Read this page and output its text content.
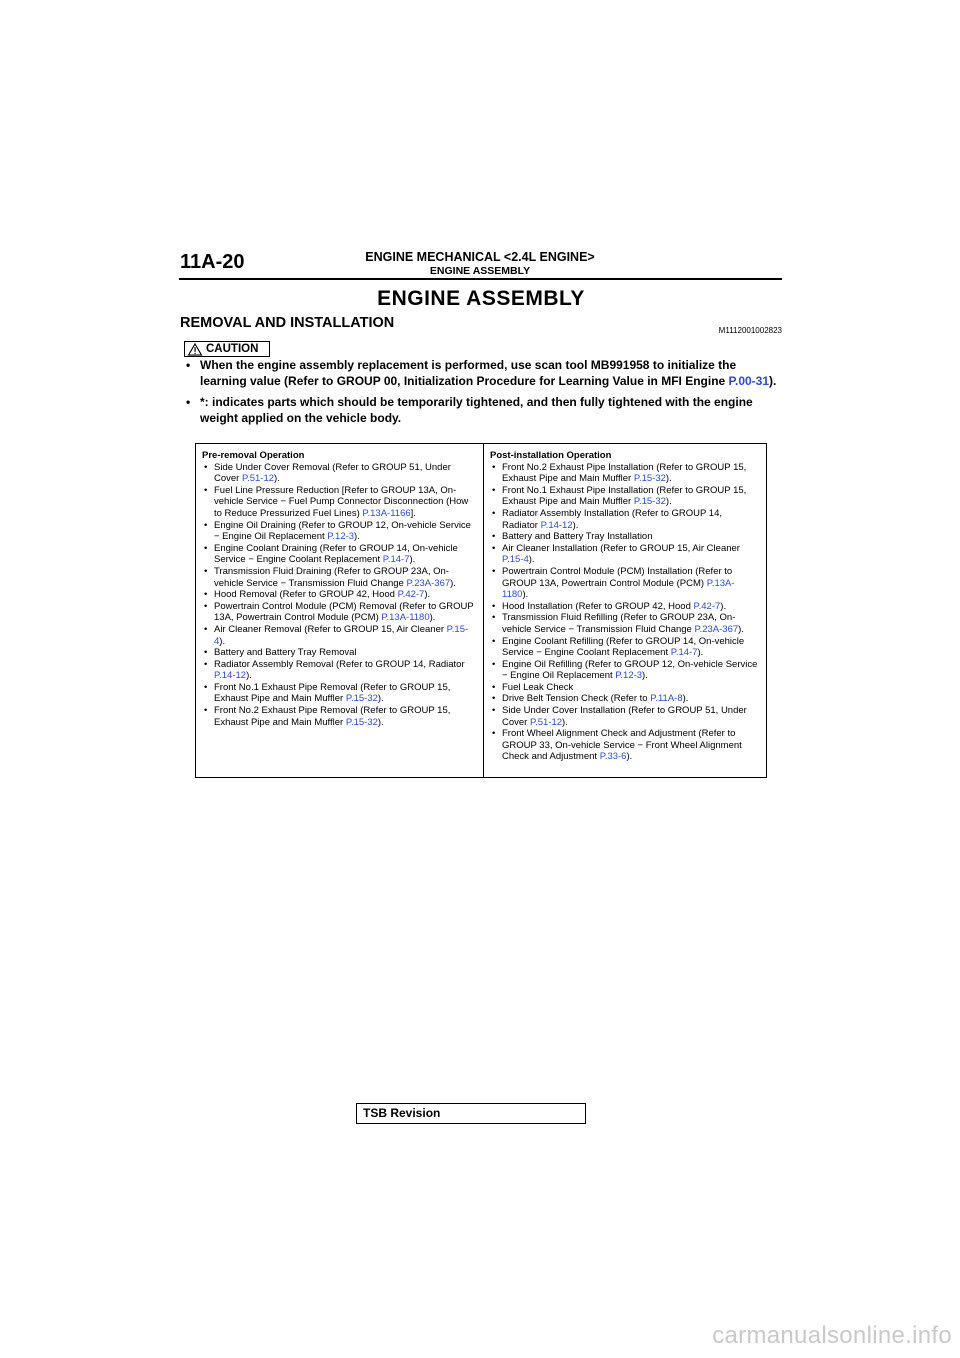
11A-20	ENGINE MECHANICAL <2.4L ENGINE>
ENGINE ASSEMBLY
ENGINE ASSEMBLY
REMOVAL AND INSTALLATION	M1112001002823
CAUTION
• When the engine assembly replacement is performed, use scan tool MB991958 to initialize the learning value (Refer to GROUP 00, Initialization Procedure for Learning Value in MFI Engine P.00-31).
• *: indicates parts which should be temporarily tightened, and then fully tightened with the engine weight applied on the vehicle body.
Pre-removal Operation
• Side Under Cover Removal (Refer to GROUP 51, Under Cover P.51-12).
• Fuel Line Pressure Reduction [Refer to GROUP 13A, On-vehicle Service − Fuel Pump Connector Disconnection (How to Reduce Pressurized Fuel Lines) P.13A-1166].
• Engine Oil Draining (Refer to GROUP 12, On-vehicle Service − Engine Oil Replacement P.12-3).
• Engine Coolant Draining (Refer to GROUP 14, On-vehicle Service − Engine Coolant Replacement P.14-7).
• Transmission Fluid Draining (Refer to GROUP 23A, On-vehicle Service − Transmission Fluid Change P.23A-367).
• Hood Removal (Refer to GROUP 42, Hood P.42-7).
• Powertrain Control Module (PCM) Removal (Refer to GROUP 13A, Powertrain Control Module (PCM) P.13A-1180).
• Air Cleaner Removal (Refer to GROUP 15, Air Cleaner P.15-4).
• Battery and Battery Tray Removal
• Radiator Assembly Removal (Refer to GROUP 14, Radiator P.14-12).
• Front No.1 Exhaust Pipe Removal (Refer to GROUP 15, Exhaust Pipe and Main Muffler P.15-32).
• Front No.2 Exhaust Pipe Removal (Refer to GROUP 15, Exhaust Pipe and Main Muffler P.15-32).
Post-installation Operation
• Front No.2 Exhaust Pipe Installation (Refer to GROUP 15, Exhaust Pipe and Main Muffler P.15-32).
• Front No.1 Exhaust Pipe Installation (Refer to GROUP 15, Exhaust Pipe and Main Muffler P.15-32).
• Radiator Assembly Installation (Refer to GROUP 14, Radiator P.14-12).
• Battery and Battery Tray Installation
• Air Cleaner Installation (Refer to GROUP 15, Air Cleaner P.15-4).
• Powertrain Control Module (PCM) Installation (Refer to GROUP 13A, Powertrain Control Module (PCM) P.13A-1180).
• Hood Installation (Refer to GROUP 42, Hood P.42-7).
• Transmission Fluid Refilling (Refer to GROUP 23A, On-vehicle Service − Transmission Fluid Change P.23A-367).
• Engine Coolant Refilling (Refer to GROUP 14, On-vehicle Service − Engine Coolant Replacement P.14-7).
• Engine Oil Refilling (Refer to GROUP 12, On-vehicle Service − Engine Oil Replacement P.12-3).
• Fuel Leak Check
• Drive Belt Tension Check (Refer to P.11A-8).
• Side Under Cover Installation (Refer to GROUP 51, Under Cover P.51-12).
• Front Wheel Alignment Check and Adjustment (Refer to GROUP 33, On-vehicle Service − Front Wheel Alignment Check and Adjustment P.33-6).
TSB Revision
carmanualsonline.info
